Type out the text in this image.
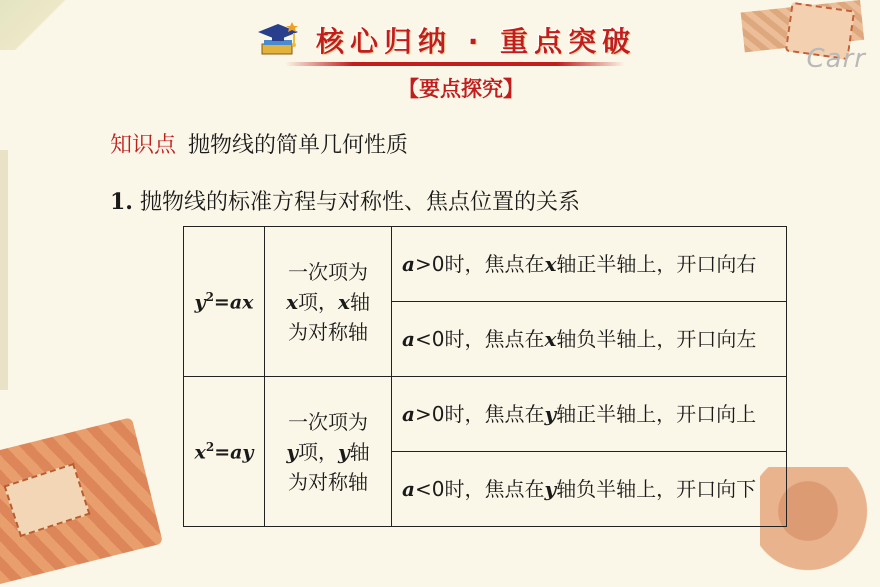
Carr
核心归纳 · 重点突破
【要点探究】
知识点 抛物线的简单几何性质
1. 抛物线的标准方程与对称性、焦点位置的关系
$y^2=ax$	一次项为
x项，x轴
为对称轴	a>0时，焦点在x轴正半轴上，开口向右
		a<0时，焦点在x轴负半轴上，开口向左
$x^2=ay$	一次项为
y项，y轴
为对称轴	a>0时，焦点在y轴正半轴上，开口向上
		a<0时，焦点在y轴负半轴上，开口向下
